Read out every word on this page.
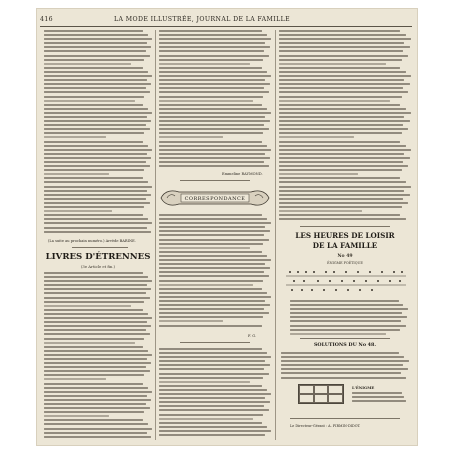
416	LA MODE ILLUSTRÉE, JOURNAL DE LA FAMILLE
(La suite au prochain numéro.) Arvède BARINE.
LIVRES D'ÉTRENNES
(3e Article et fin.)
Emmeline RAYMOND.
CORRESPONDANCE
F. G.
LES HEURES DE LOISIR
DE LA FAMILLE
No 49
ÉNIGME POÉTIQUE
SOLUTIONS DU No 48.
L'ÉNIGME
Le Directeur-Gérant : A. FIRMIN-DIDOT.
